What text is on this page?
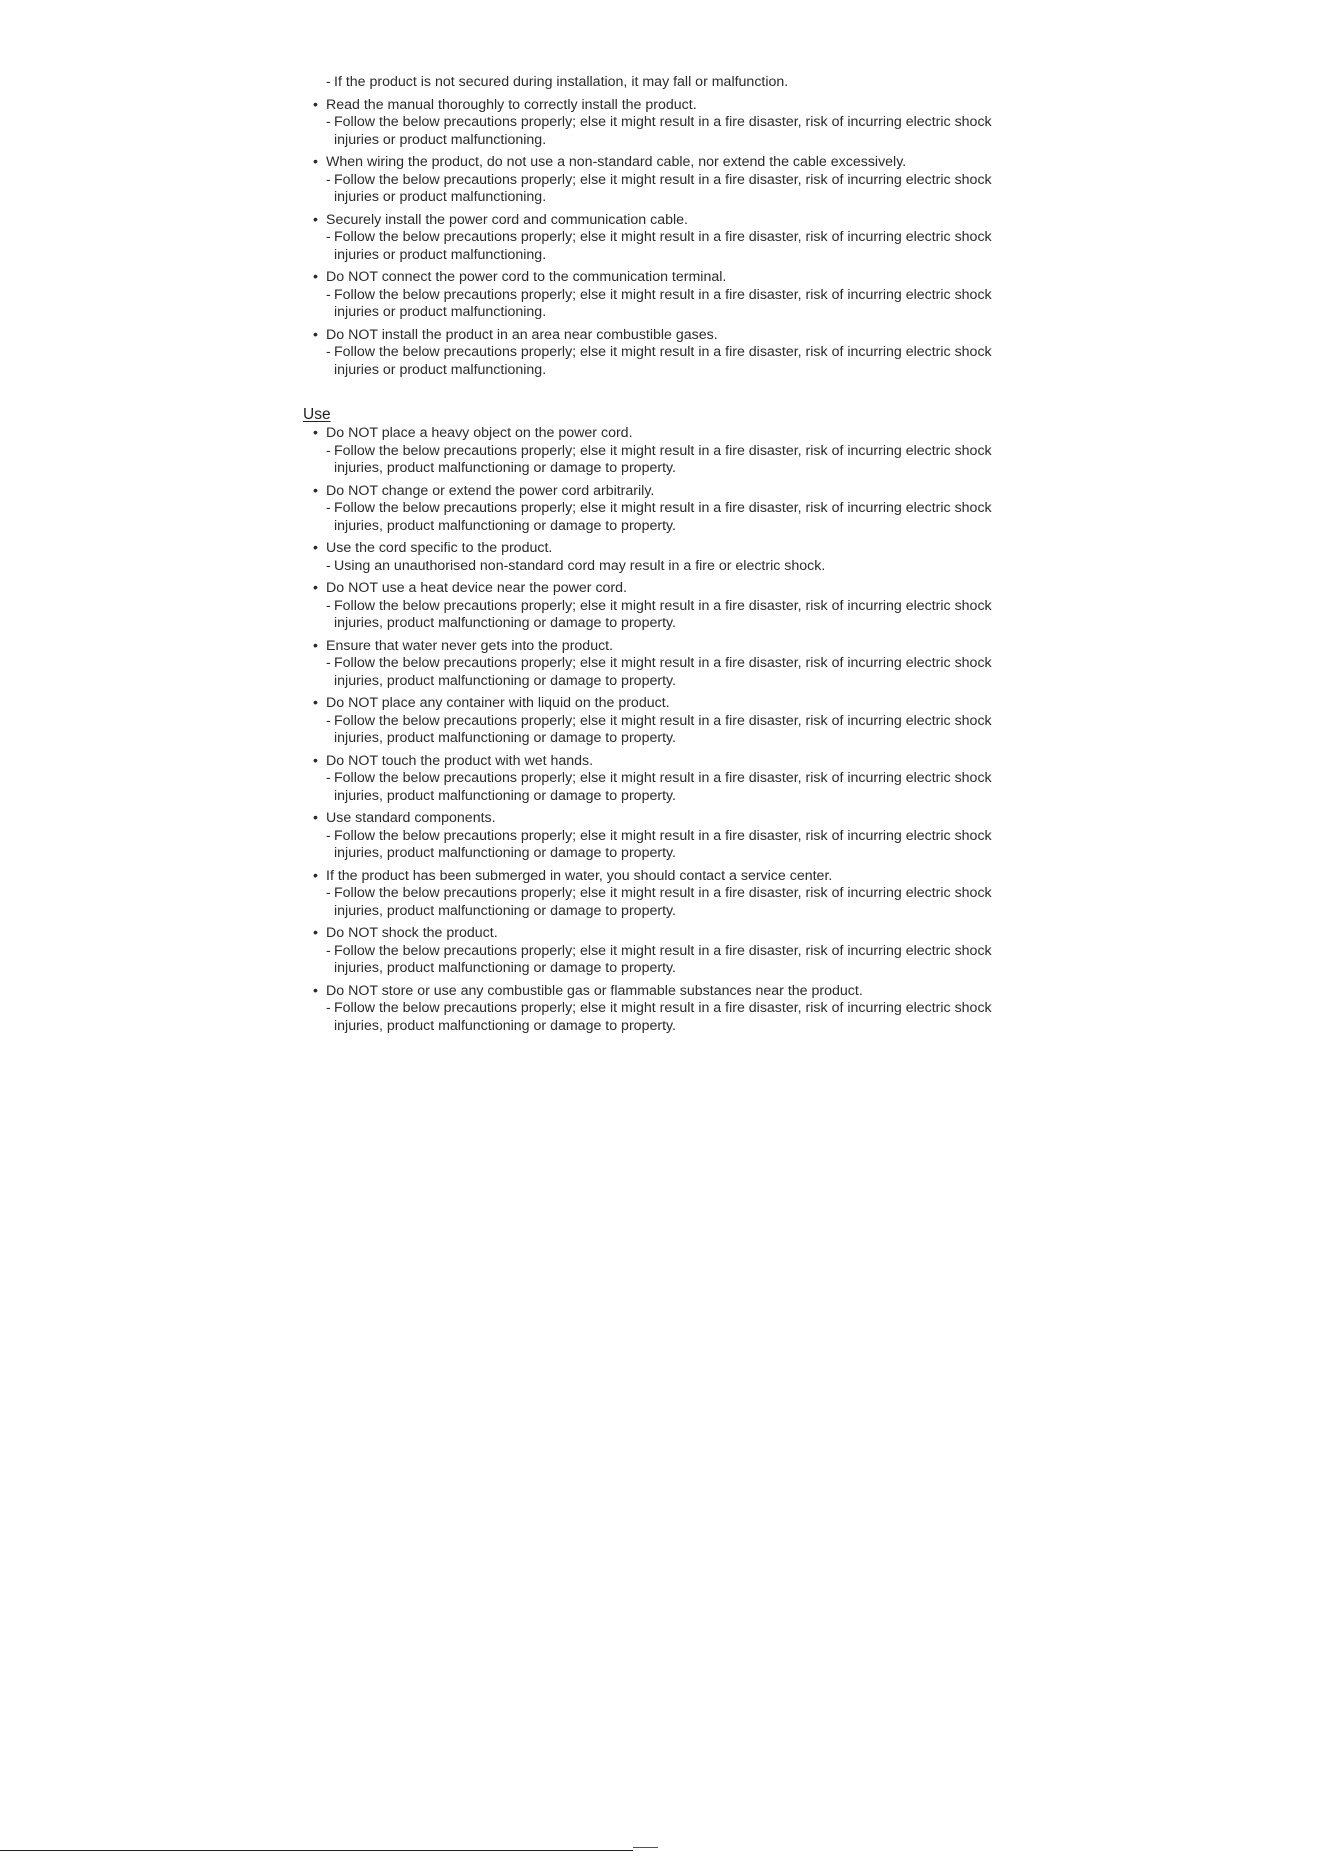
- If the product is not secured during installation, it may fall or malfunction.
• Read the manual thoroughly to correctly install the product.
- Follow the below precautions properly; else it might result in a fire disaster, risk of incurring electric shock injuries or product malfunctioning.
• When wiring the product, do not use a non-standard cable, nor extend the cable excessively.
- Follow the below precautions properly; else it might result in a fire disaster, risk of incurring electric shock injuries or product malfunctioning.
• Securely install the power cord and communication cable.
- Follow the below precautions properly; else it might result in a fire disaster, risk of incurring electric shock injuries or product malfunctioning.
• Do NOT connect the power cord to the communication terminal.
- Follow the below precautions properly; else it might result in a fire disaster, risk of incurring electric shock injuries or product malfunctioning.
• Do NOT install the product in an area near combustible gases.
- Follow the below precautions properly; else it might result in a fire disaster, risk of incurring electric shock injuries or product malfunctioning.
Use
• Do NOT place a heavy object on the power cord.
- Follow the below precautions properly; else it might result in a fire disaster, risk of incurring electric shock injuries, product malfunctioning or damage to property.
• Do NOT change or extend the power cord arbitrarily.
- Follow the below precautions properly; else it might result in a fire disaster, risk of incurring electric shock injuries, product malfunctioning or damage to property.
• Use the cord specific to the product.
- Using an unauthorised non-standard cord may result in a fire or electric shock.
• Do NOT use a heat device near the power cord.
- Follow the below precautions properly; else it might result in a fire disaster, risk of incurring electric shock injuries, product malfunctioning or damage to property.
• Ensure that water never gets into the product.
- Follow the below precautions properly; else it might result in a fire disaster, risk of incurring electric shock injuries, product malfunctioning or damage to property.
• Do NOT place any container with liquid on the product.
- Follow the below precautions properly; else it might result in a fire disaster, risk of incurring electric shock injuries, product malfunctioning or damage to property.
• Do NOT touch the product with wet hands.
- Follow the below precautions properly; else it might result in a fire disaster, risk of incurring electric shock injuries, product malfunctioning or damage to property.
• Use standard components.
- Follow the below precautions properly; else it might result in a fire disaster, risk of incurring electric shock injuries, product malfunctioning or damage to property.
• If the product has been submerged in water, you should contact a service center.
- Follow the below precautions properly; else it might result in a fire disaster, risk of incurring electric shock injuries, product malfunctioning or damage to property.
• Do NOT shock the product.
- Follow the below precautions properly; else it might result in a fire disaster, risk of incurring electric shock injuries, product malfunctioning or damage to property.
• Do NOT store or use any combustible gas or flammable substances near the product.
- Follow the below precautions properly; else it might result in a fire disaster, risk of incurring electric shock injuries, product malfunctioning or damage to property.
